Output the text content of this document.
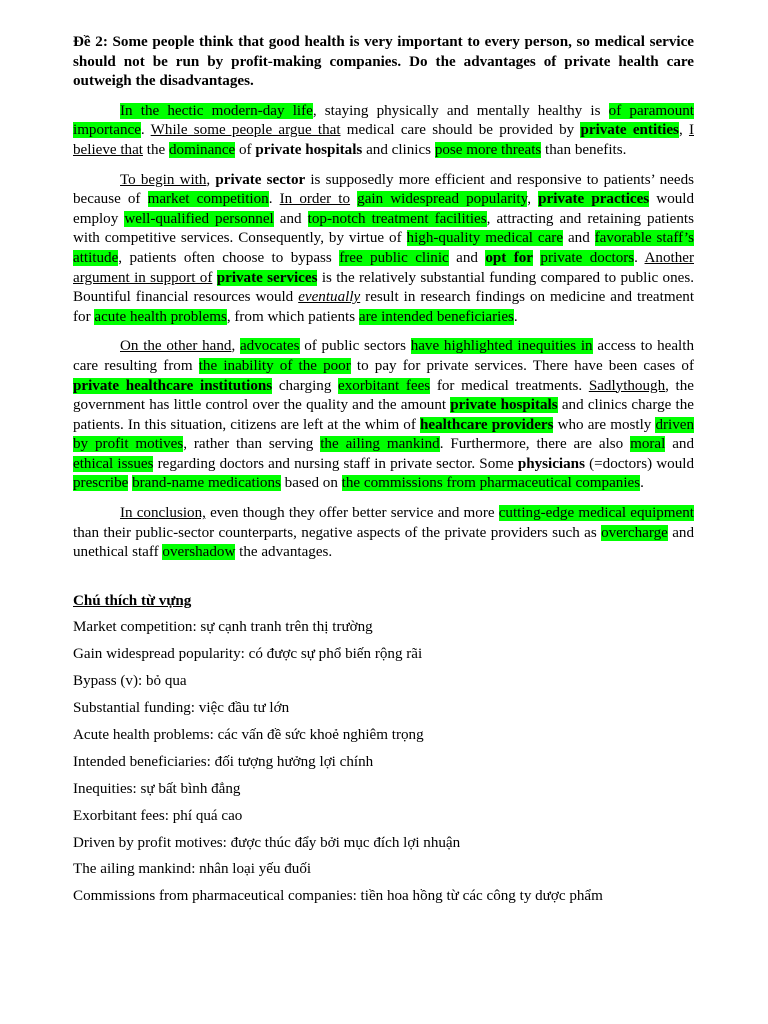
Đề 2: Some people think that good health is very important to every person, so medical service should not be run by profit-making companies. Do the advantages of private health care outweigh the disadvantages.

In the hectic modern-day life, staying physically and mentally healthy is of paramount importance. While some people argue that medical care should be provided by private entities, I believe that the dominance of private hospitals and clinics pose more threats than benefits.

To begin with, private sector is supposedly more efficient and responsive to patients’ needs because of market competition. In order to gain widespread popularity, private practices would employ well-qualified personnel and top-notch treatment facilities, attracting and retaining patients with competitive services. Consequently, by virtue of high-quality medical care and favorable staff’s attitude, patients often choose to bypass free public clinic and opt for private doctors. Another argument in support of private services is the relatively substantial funding compared to public ones. Bountiful financial resources would eventually result in research findings on medicine and treatment for acute health problems, from which patients are intended beneficiaries.

On the other hand, advocates of public sectors have highlighted inequities in access to health care resulting from the inability of the poor to pay for private services. There have been cases of private healthcare institutions charging exorbitant fees for medical treatments. Sadlythough, the government has little control over the quality and the amount private hospitals and clinics charge the patients. In this situation, citizens are left at the whim of healthcare providers who are mostly driven by profit motives, rather than serving the ailing mankind. Furthermore, there are also moral and ethical issues regarding doctors and nursing staff in private sector. Some physicians (=doctors) would prescribe brand-name medications based on the commissions from pharmaceutical companies.

In conclusion, even though they offer better service and more cutting-edge medical equipment than their public-sector counterparts, negative aspects of the private providers such as overcharge and unethical staff overshadow the advantages.

Chú thích từ vựng

Market competition: sự cạnh tranh trên thị trường

Gain widespread popularity: có được sự phổ biến rộng rãi

Bypass (v): bỏ qua

Substantial funding: việc đầu tư lớn

Acute health problems: các vấn đề sức khoẻ nghiêm trọng

Intended beneficiaries: đối tượng hưởng lợi chính

Inequities: sự bất bình đẳng

Exorbitant fees: phí quá cao

Driven by profit motives: được thúc đẩy bởi mục đích lợi nhuận

The ailing mankind: nhân loại yếu đuối

Commissions from pharmaceutical companies: tiền hoa hồng từ các công ty dược phẩm
